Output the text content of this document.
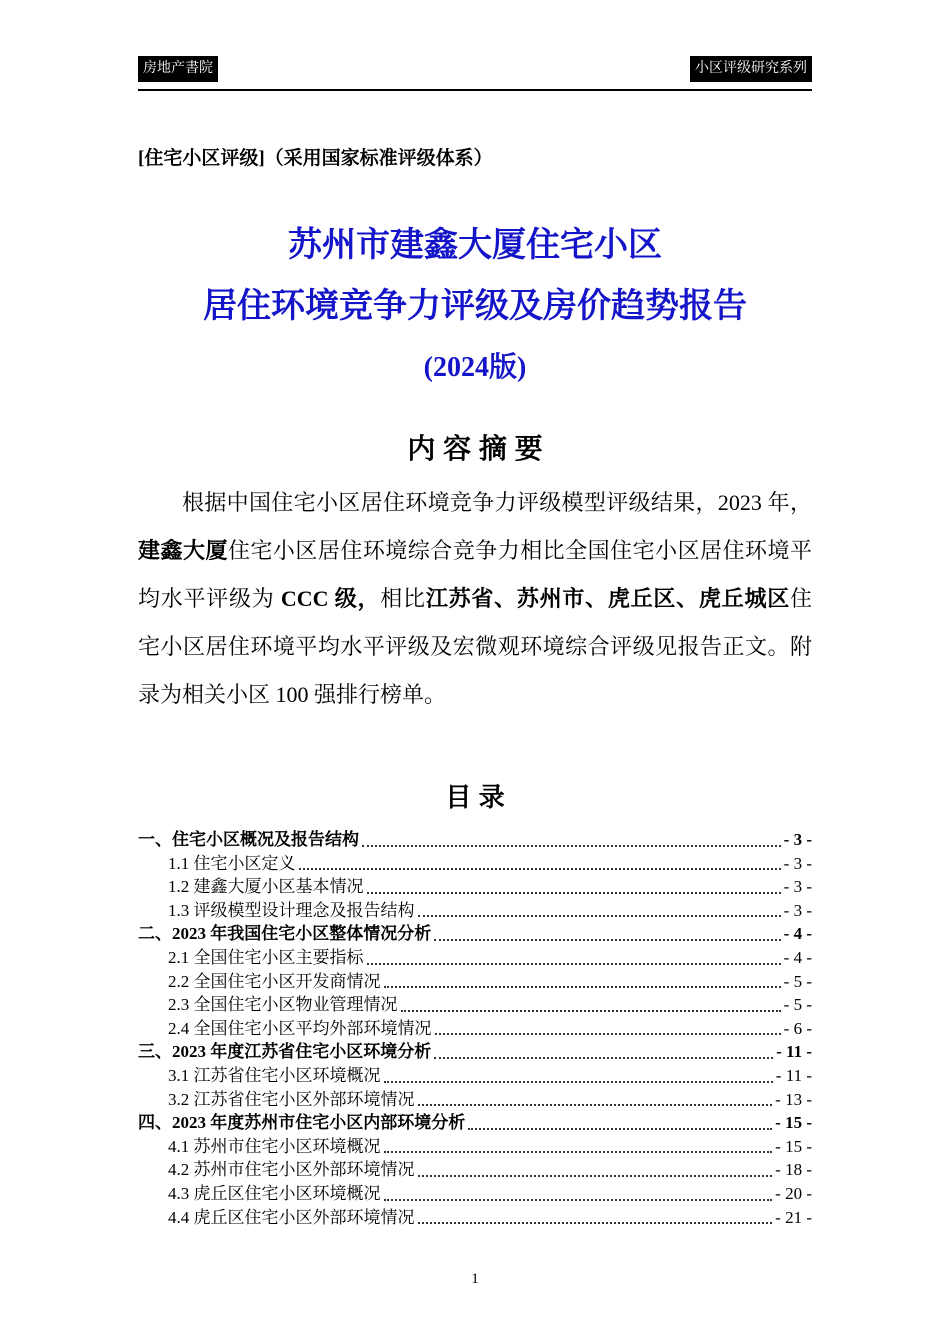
房地产書院	小区评级研究系列
[住宅小区评级]（采用国家标准评级体系）
苏州市建鑫大厦住宅小区
居住环境竞争力评级及房价趋势报告
(2024版)
内 容 摘 要

根据中国住宅小区居住环境竞争力评级模型评级结果，2023 年，建鑫大厦住宅小区居住环境综合竞争力相比全国住宅小区居住环境平均水平评级为 CCC 级，相比江苏省、苏州市、虎丘区、虎丘城区住宅小区居住环境平均水平评级及宏微观环境综合评级见报告正文。附录为相关小区 100 强排行榜单。

目 录
一、住宅小区概况及报告结构	- 3 -
1.1 住宅小区定义	- 3 -
1.2 建鑫大厦小区基本情况	- 3 -
1.3 评级模型设计理念及报告结构	- 3 -
二、2023 年我国住宅小区整体情况分析	- 4 -
2.1 全国住宅小区主要指标	- 4 -
2.2 全国住宅小区开发商情况	- 5 -
2.3 全国住宅小区物业管理情况	- 5 -
2.4 全国住宅小区平均外部环境情况	- 6 -
三、2023 年度江苏省住宅小区环境分析	- 11 -
3.1 江苏省住宅小区环境概况	- 11 -
3.2 江苏省住宅小区外部环境情况	- 13 -
四、2023 年度苏州市住宅小区内部环境分析	- 15 -
4.1 苏州市住宅小区环境概况	- 15 -
4.2 苏州市住宅小区外部环境情况	- 18 -
4.3 虎丘区住宅小区环境概况	- 20 -
4.4 虎丘区住宅小区外部环境情况	- 21 -
1
